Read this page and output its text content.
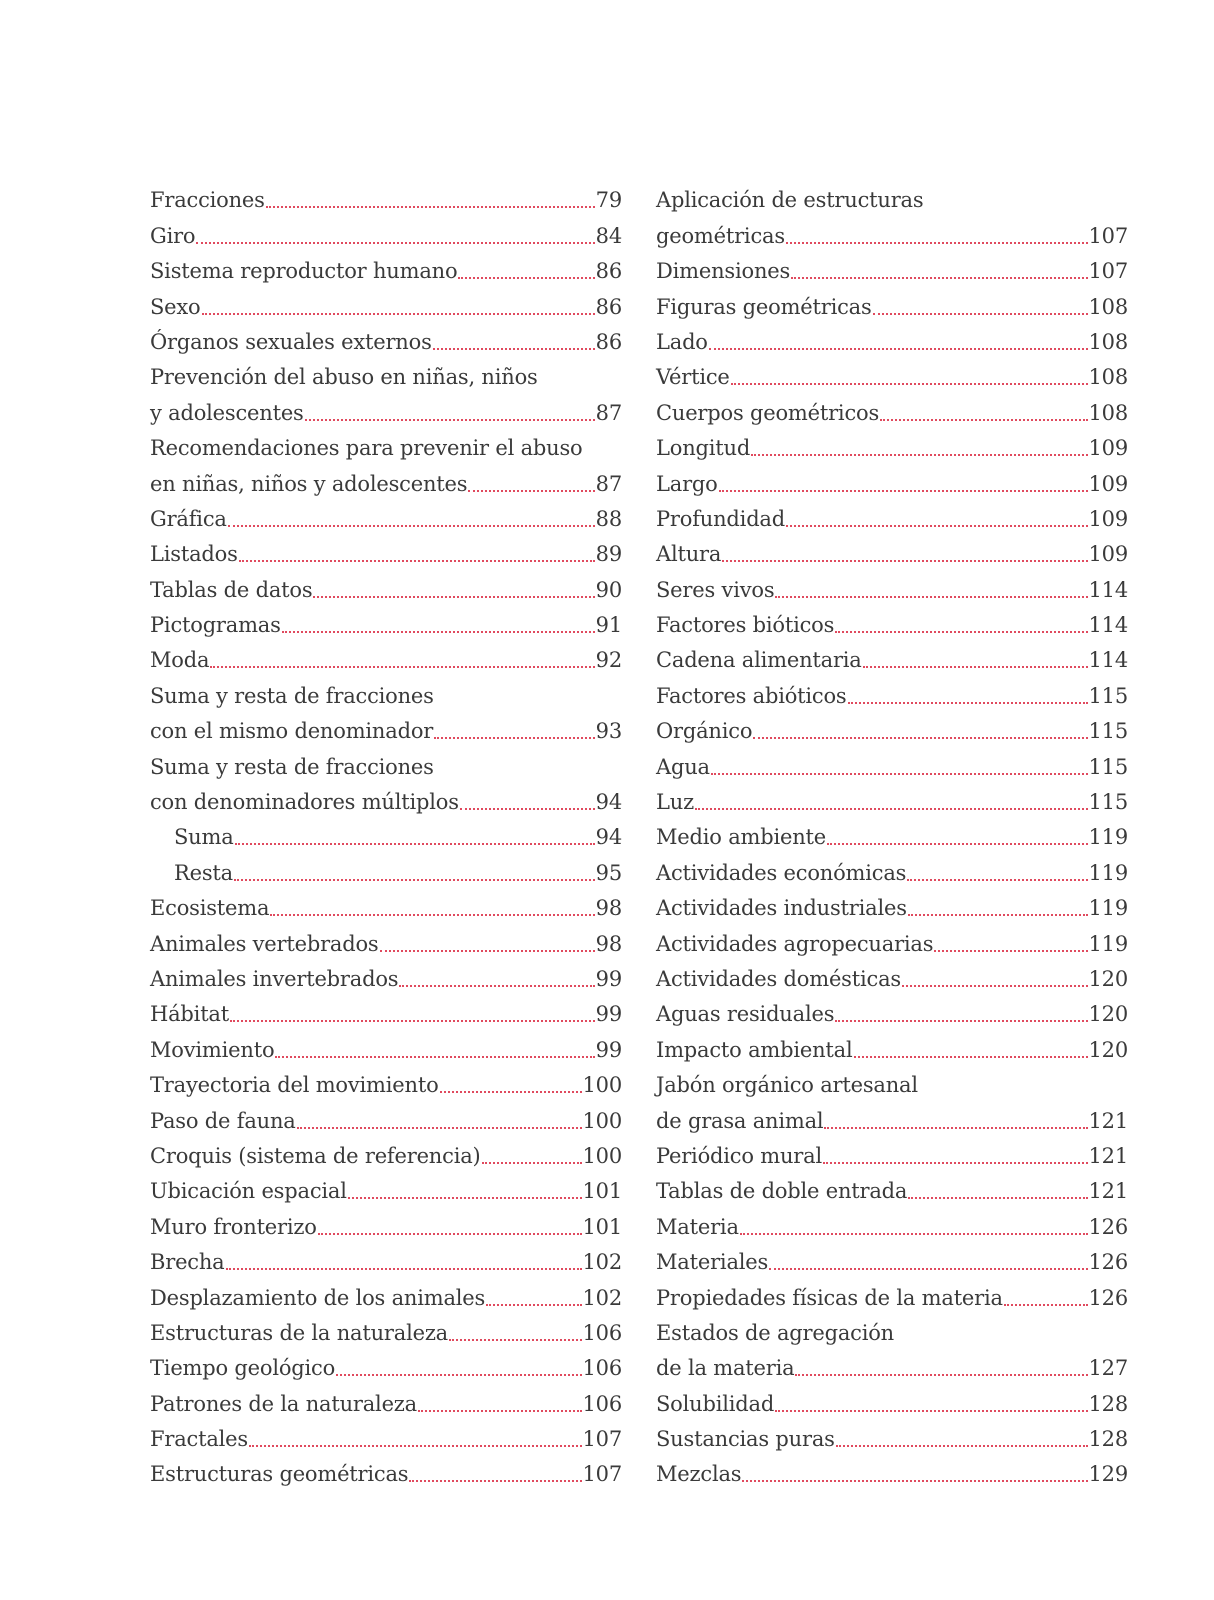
Fracciones	79
Giro	84
Sistema reproductor humano	86
Sexo	86
Órganos sexuales externos	86
Prevención del abuso en niñas, niños
y adolescentes	87
Recomendaciones para prevenir el abuso
en niñas, niños y adolescentes	87
Gráfica	88
Listados	89
Tablas de datos	90
Pictogramas	91
Moda	92
Suma y resta de fracciones
con el mismo denominador	93
Suma y resta de fracciones
con denominadores múltiplos	94
Suma	94
Resta	95
Ecosistema	98
Animales vertebrados	98
Animales invertebrados	99
Hábitat	99
Movimiento	99
Trayectoria del movimiento	100
Paso de fauna	100
Croquis (sistema de referencia)	100
Ubicación espacial	101
Muro fronterizo	101
Brecha	102
Desplazamiento de los animales	102
Estructuras de la naturaleza	106
Tiempo geológico	106
Patrones de la naturaleza	106
Fractales	107
Estructuras geométricas	107
Aplicación de estructuras
geométricas	107
Dimensiones	107
Figuras geométricas	108
Lado	108
Vértice	108
Cuerpos geométricos	108
Longitud	109
Largo	109
Profundidad	109
Altura	109
Seres vivos	114
Factores bióticos	114
Cadena alimentaria	114
Factores abióticos	115
Orgánico	115
Agua	115
Luz	115
Medio ambiente	119
Actividades económicas	119
Actividades industriales	119
Actividades agropecuarias	119
Actividades domésticas	120
Aguas residuales	120
Impacto ambiental	120
Jabón orgánico artesanal
de grasa animal	121
Periódico mural	121
Tablas de doble entrada	121
Materia	126
Materiales	126
Propiedades físicas de la materia	126
Estados de agregación
de la materia	127
Solubilidad	128
Sustancias puras	128
Mezclas	129
